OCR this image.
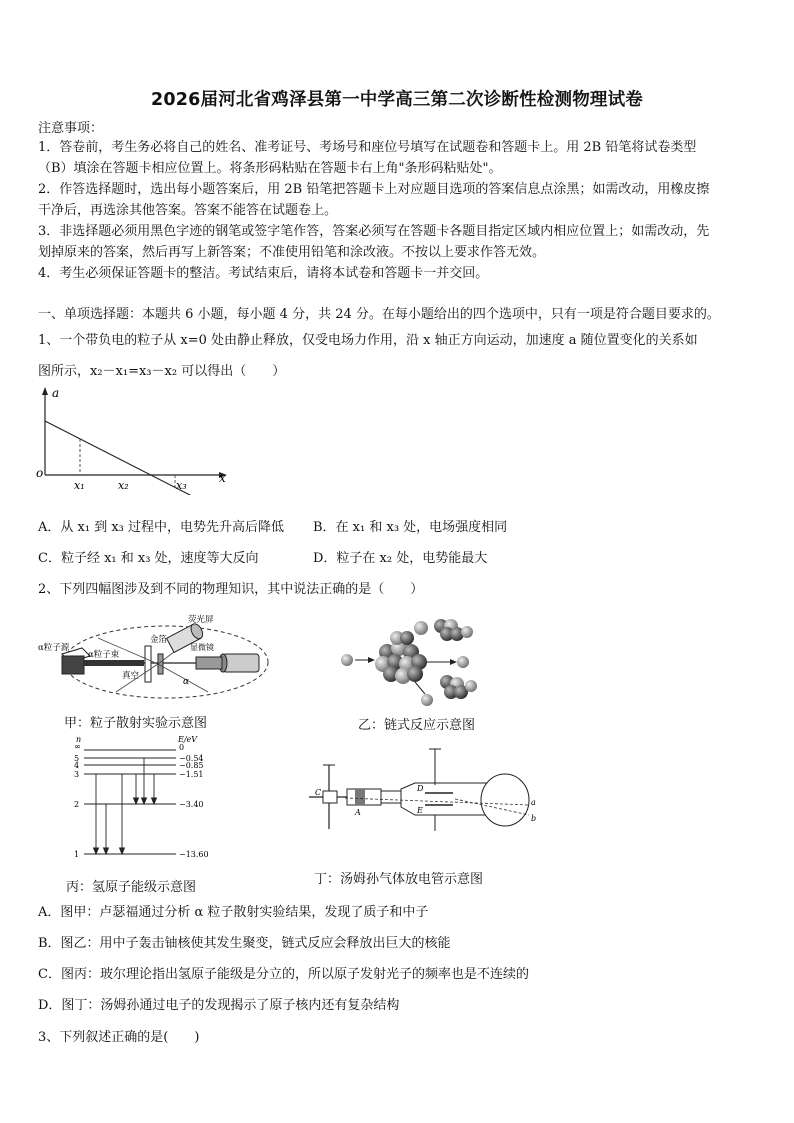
2026届河北省鸡泽县第一中学高三第二次诊断性检测物理试卷
注意事项：
1．答卷前，考生务必将自己的姓名、准考证号、考场号和座位号填写在试题卷和答题卡上。用 2B 铅笔将试卷类型
（B）填涂在答题卡相应位置上。将条形码粘贴在答题卡右上角"条形码粘贴处"。
2．作答选择题时，选出每小题答案后，用 2B 铅笔把答题卡上对应题目选项的答案信息点涂黑；如需改动，用橡皮擦
干净后，再选涂其他答案。答案不能答在试题卷上。
3．非选择题必须用黑色字迹的钢笔或签字笔作答，答案必须写在答题卡各题目指定区域内相应位置上；如需改动，先
划掉原来的答案，然后再写上新答案；不准使用铅笔和涂改液。不按以上要求作答无效。
4．考生必须保证答题卡的整洁。考试结束后，请将本试卷和答题卡一并交回。
一、单项选择题：本题共 6 小题，每小题 4 分，共 24 分。在每小题给出的四个选项中，只有一项是符合题目要求的。
1、一个带负电的粒子从 x=0 处由静止释放，仅受电场力作用，沿 x 轴正方向运动，加速度 a 随位置变化的关系如
图所示，x₂－x₁=x₃－x₂ 可以得出（　　）
a
x
o
x₁	x₂	x₃
A．从 x₁ 到 x₃ 过程中，电势先升高后降低 B．在 x₁ 和 x₃ 处，电场强度相同
C．粒子经 x₁ 和 x₃ 处，速度等大反向	D．粒子在 x₂ 处，电势能最大
2、下列四幅图涉及到不同的物理知识，其中说法正确的是（　　）
α粒子源
α粒子束
金箔
真空
荧光屏
α
显微镜
甲：粒子散射实验示意图	乙：链式反应示意图
n	E/eV
∞
5
4
3
2
1
0
−0.54
−0.85
−1.51
−3.40
−13.60
丙：氢原子能级示意图
C
A
D
E
a
b
丁：汤姆孙气体放电管示意图
A．图甲：卢瑟福通过分析 α 粒子散射实验结果，发现了质子和中子
B．图乙：用中子轰击铀核使其发生聚变，链式反应会释放出巨大的核能
C．图丙：玻尔理论指出氢原子能级是分立的，所以原子发射光子的频率也是不连续的
D．图丁：汤姆孙通过电子的发现揭示了原子核内还有复杂结构
3、下列叙述正确的是(　　)
